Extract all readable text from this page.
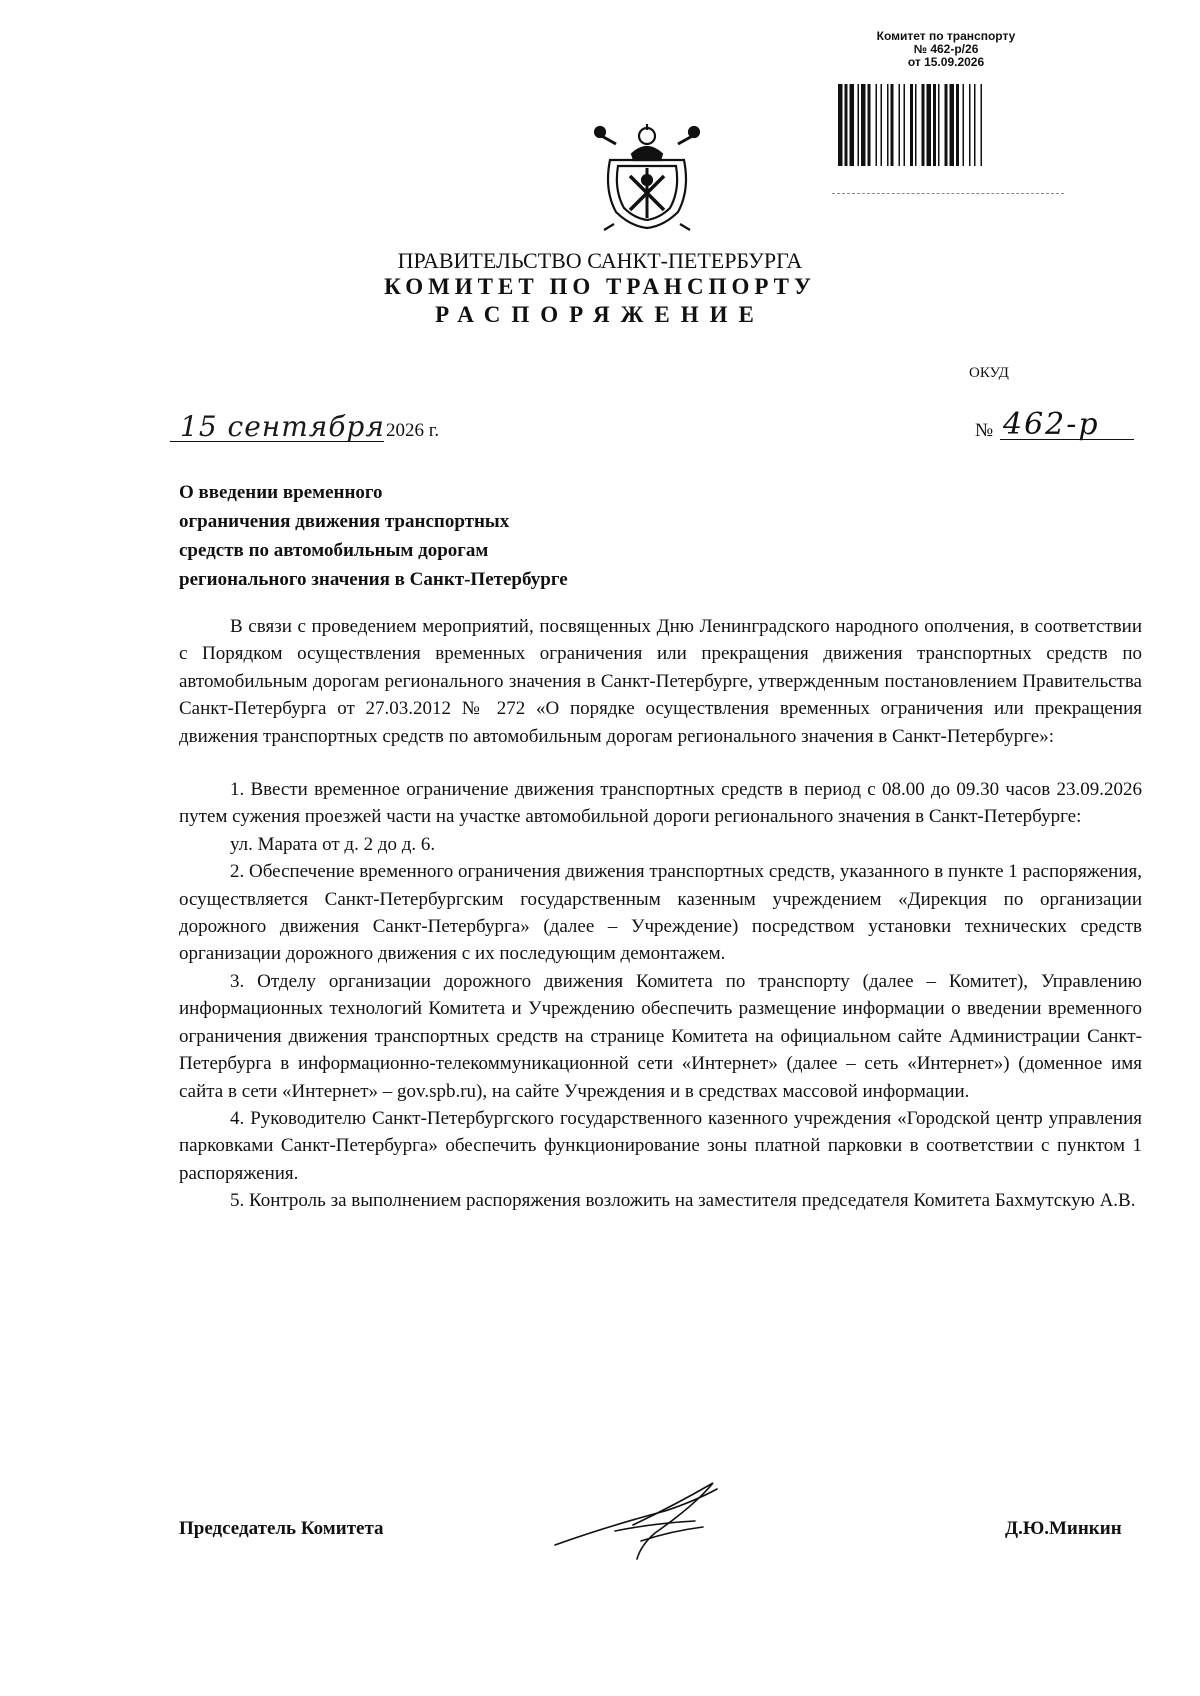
Комитет по транспорту
№ 462-р/26
от 15.09.2026
ПРАВИТЕЛЬСТВО САНКТ-ПЕТЕРБУРГА
КОМИТЕТ ПО ТРАНСПОРТУ
РАСПОРЯЖЕНИЕ
ОКУД
15 сентября 2026 г.	№ 462-р
О введении временного
ограничения движения транспортных
средств по автомобильным дорогам
регионального значения в Санкт-Петербурге

В связи с проведением мероприятий, посвященных Дню Ленинградского народного ополчения, в соответствии с Порядком осуществления временных ограничения или прекращения движения транспортных средств по автомобильным дорогам регионального значения в Санкт-Петербурге, утвержденным постановлением Правительства Санкт-Петербурга от 27.03.2012 № 272 «О порядке осуществления временных ограничения или прекращения движения транспортных средств по автомобильным дорогам регионального значения в Санкт-Петербурге»:

1. Ввести временное ограничение движения транспортных средств в период с 08.00 до 09.30 часов 23.09.2026 путем сужения проезжей части на участке автомобильной дороги регионального значения в Санкт-Петербурге:

ул. Марата от д. 2 до д. 6.

2. Обеспечение временного ограничения движения транспортных средств, указанного в пункте 1 распоряжения, осуществляется Санкт-Петербургским государственным казенным учреждением «Дирекция по организации дорожного движения Санкт-Петербурга» (далее – Учреждение) посредством установки технических средств организации дорожного движения с их последующим демонтажем.

3. Отделу организации дорожного движения Комитета по транспорту (далее – Комитет), Управлению информационных технологий Комитета и Учреждению обеспечить размещение информации о введении временного ограничения движения транспортных средств на странице Комитета на официальном сайте Администрации Санкт-Петербурга в информационно-телекоммуникационной сети «Интернет» (далее – сеть «Интернет») (доменное имя сайта в сети «Интернет» – gov.spb.ru), на сайте Учреждения и в средствах массовой информации.

4. Руководителю Санкт-Петербургского государственного казенного учреждения «Городской центр управления парковками Санкт-Петербурга» обеспечить функционирование зоны платной парковки в соответствии с пунктом 1 распоряжения.

5. Контроль за выполнением распоряжения возложить на заместителя председателя Комитета Бахмутскую А.В.

Председатель Комитета	Д.Ю.Минкин
